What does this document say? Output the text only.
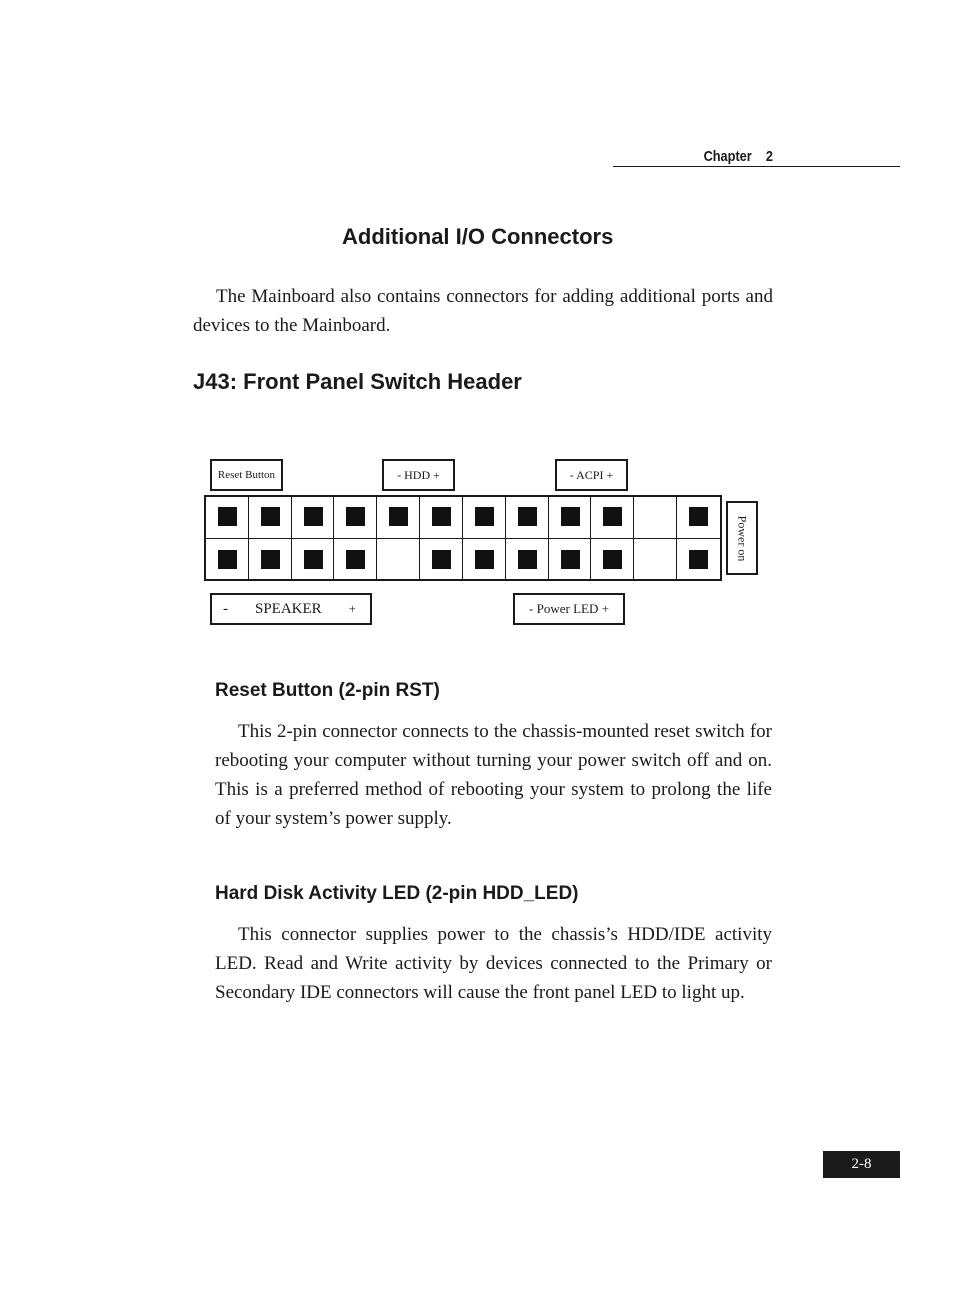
Chapter    2
Additional I/O Connectors

The Mainboard also contains connectors for adding additional ports and devices to the Mainboard.

J43: Front Panel Switch Header
Reset Button	- HDD +	- ACPI +
Power on
- SPEAKER +	- Power LED +
Reset Button (2-pin RST)

This 2-pin connector connects to the chassis-mounted reset switch for rebooting your computer without turning your power switch off and on. This is a preferred method of rebooting your system to prolong the life of your system’s power supply.

Hard Disk Activity LED (2-pin HDD_LED)

This connector supplies power to the chassis’s HDD/IDE activity LED. Read and Write activity by devices connected to the Primary or Secondary IDE connectors will cause the front panel LED to light up.

2-8
